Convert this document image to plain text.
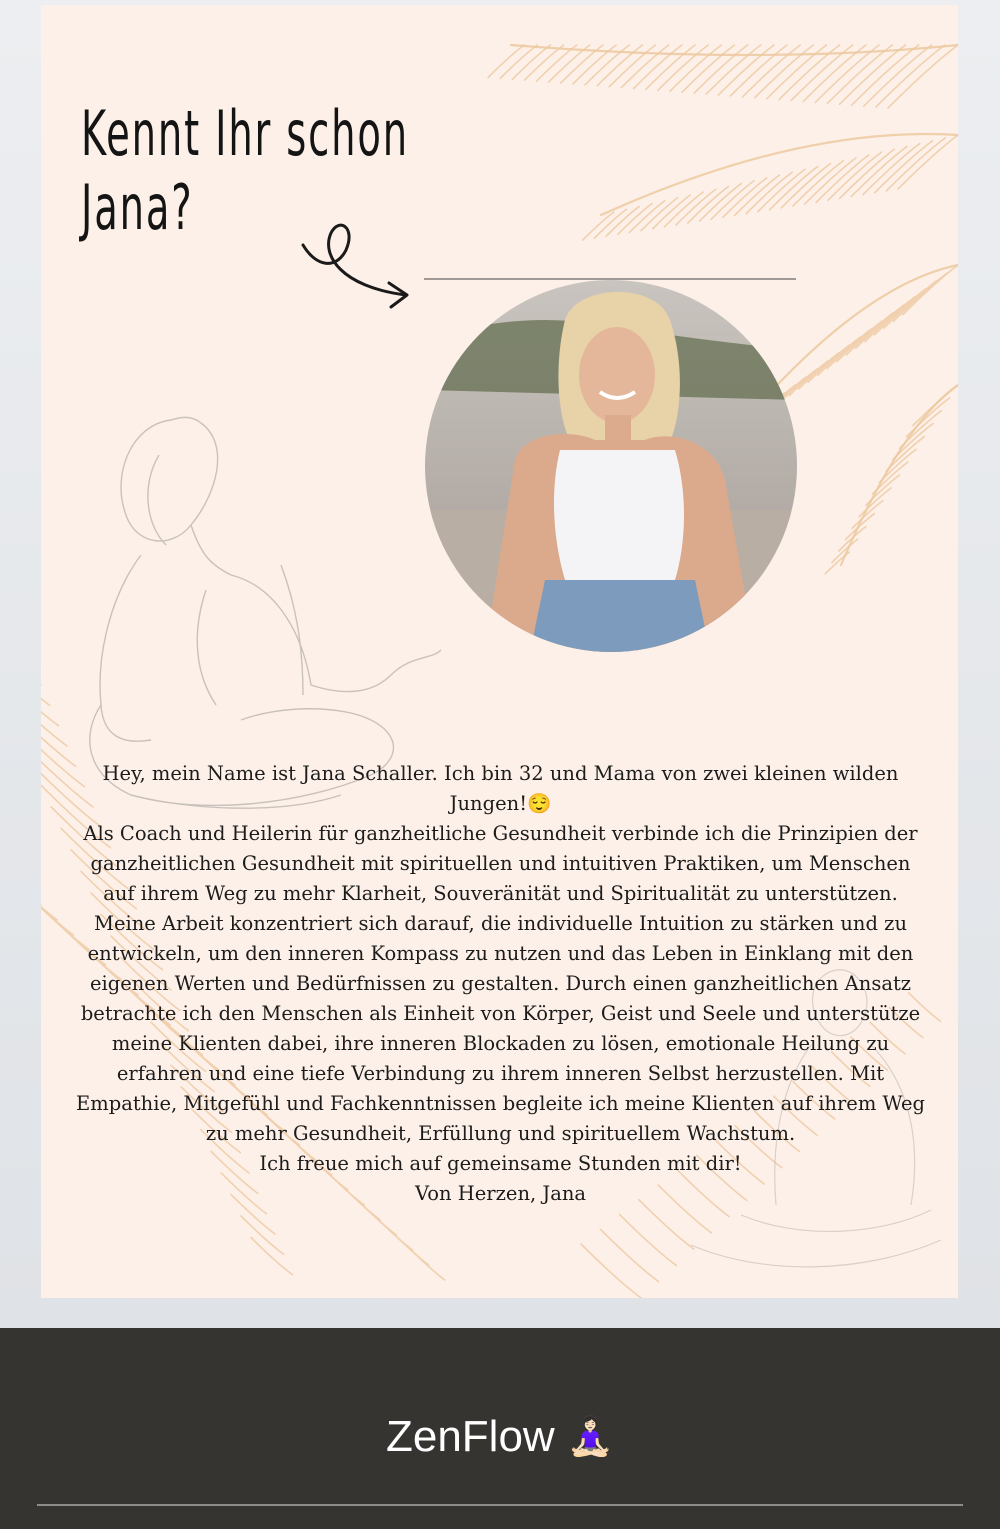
Kennt Ihr schon
Jana?

Hey, mein Name ist Jana Schaller. Ich bin 32 und Mama von zwei kleinen wilden Jungen!😌

Als Coach und Heilerin für ganzheitliche Gesundheit verbinde ich die Prinzipien der ganzheitlichen Gesundheit mit spirituellen und intuitiven Praktiken, um Menschen auf ihrem Weg zu mehr Klarheit, Souveränität und Spiritualität zu unterstützen.

Meine Arbeit konzentriert sich darauf, die individuelle Intuition zu stärken und zu entwickeln, um den inneren Kompass zu nutzen und das Leben in Einklang mit den eigenen Werten und Bedürfnissen zu gestalten. Durch einen ganzheitlichen Ansatz betrachte ich den Menschen als Einheit von Körper, Geist und Seele und unterstütze meine Klienten dabei, ihre inneren Blockaden zu lösen, emotionale Heilung zu erfahren und eine tiefe Verbindung zu ihrem inneren Selbst herzustellen. Mit Empathie, Mitgefühl und Fachkenntnissen begleite ich meine Klienten auf ihrem Weg zu mehr Gesundheit, Erfüllung und spirituellem Wachstum.

Ich freue mich auf gemeinsame Stunden mit dir!

Von Herzen, Jana

ZenFlow 🧘🏻‍♀️
